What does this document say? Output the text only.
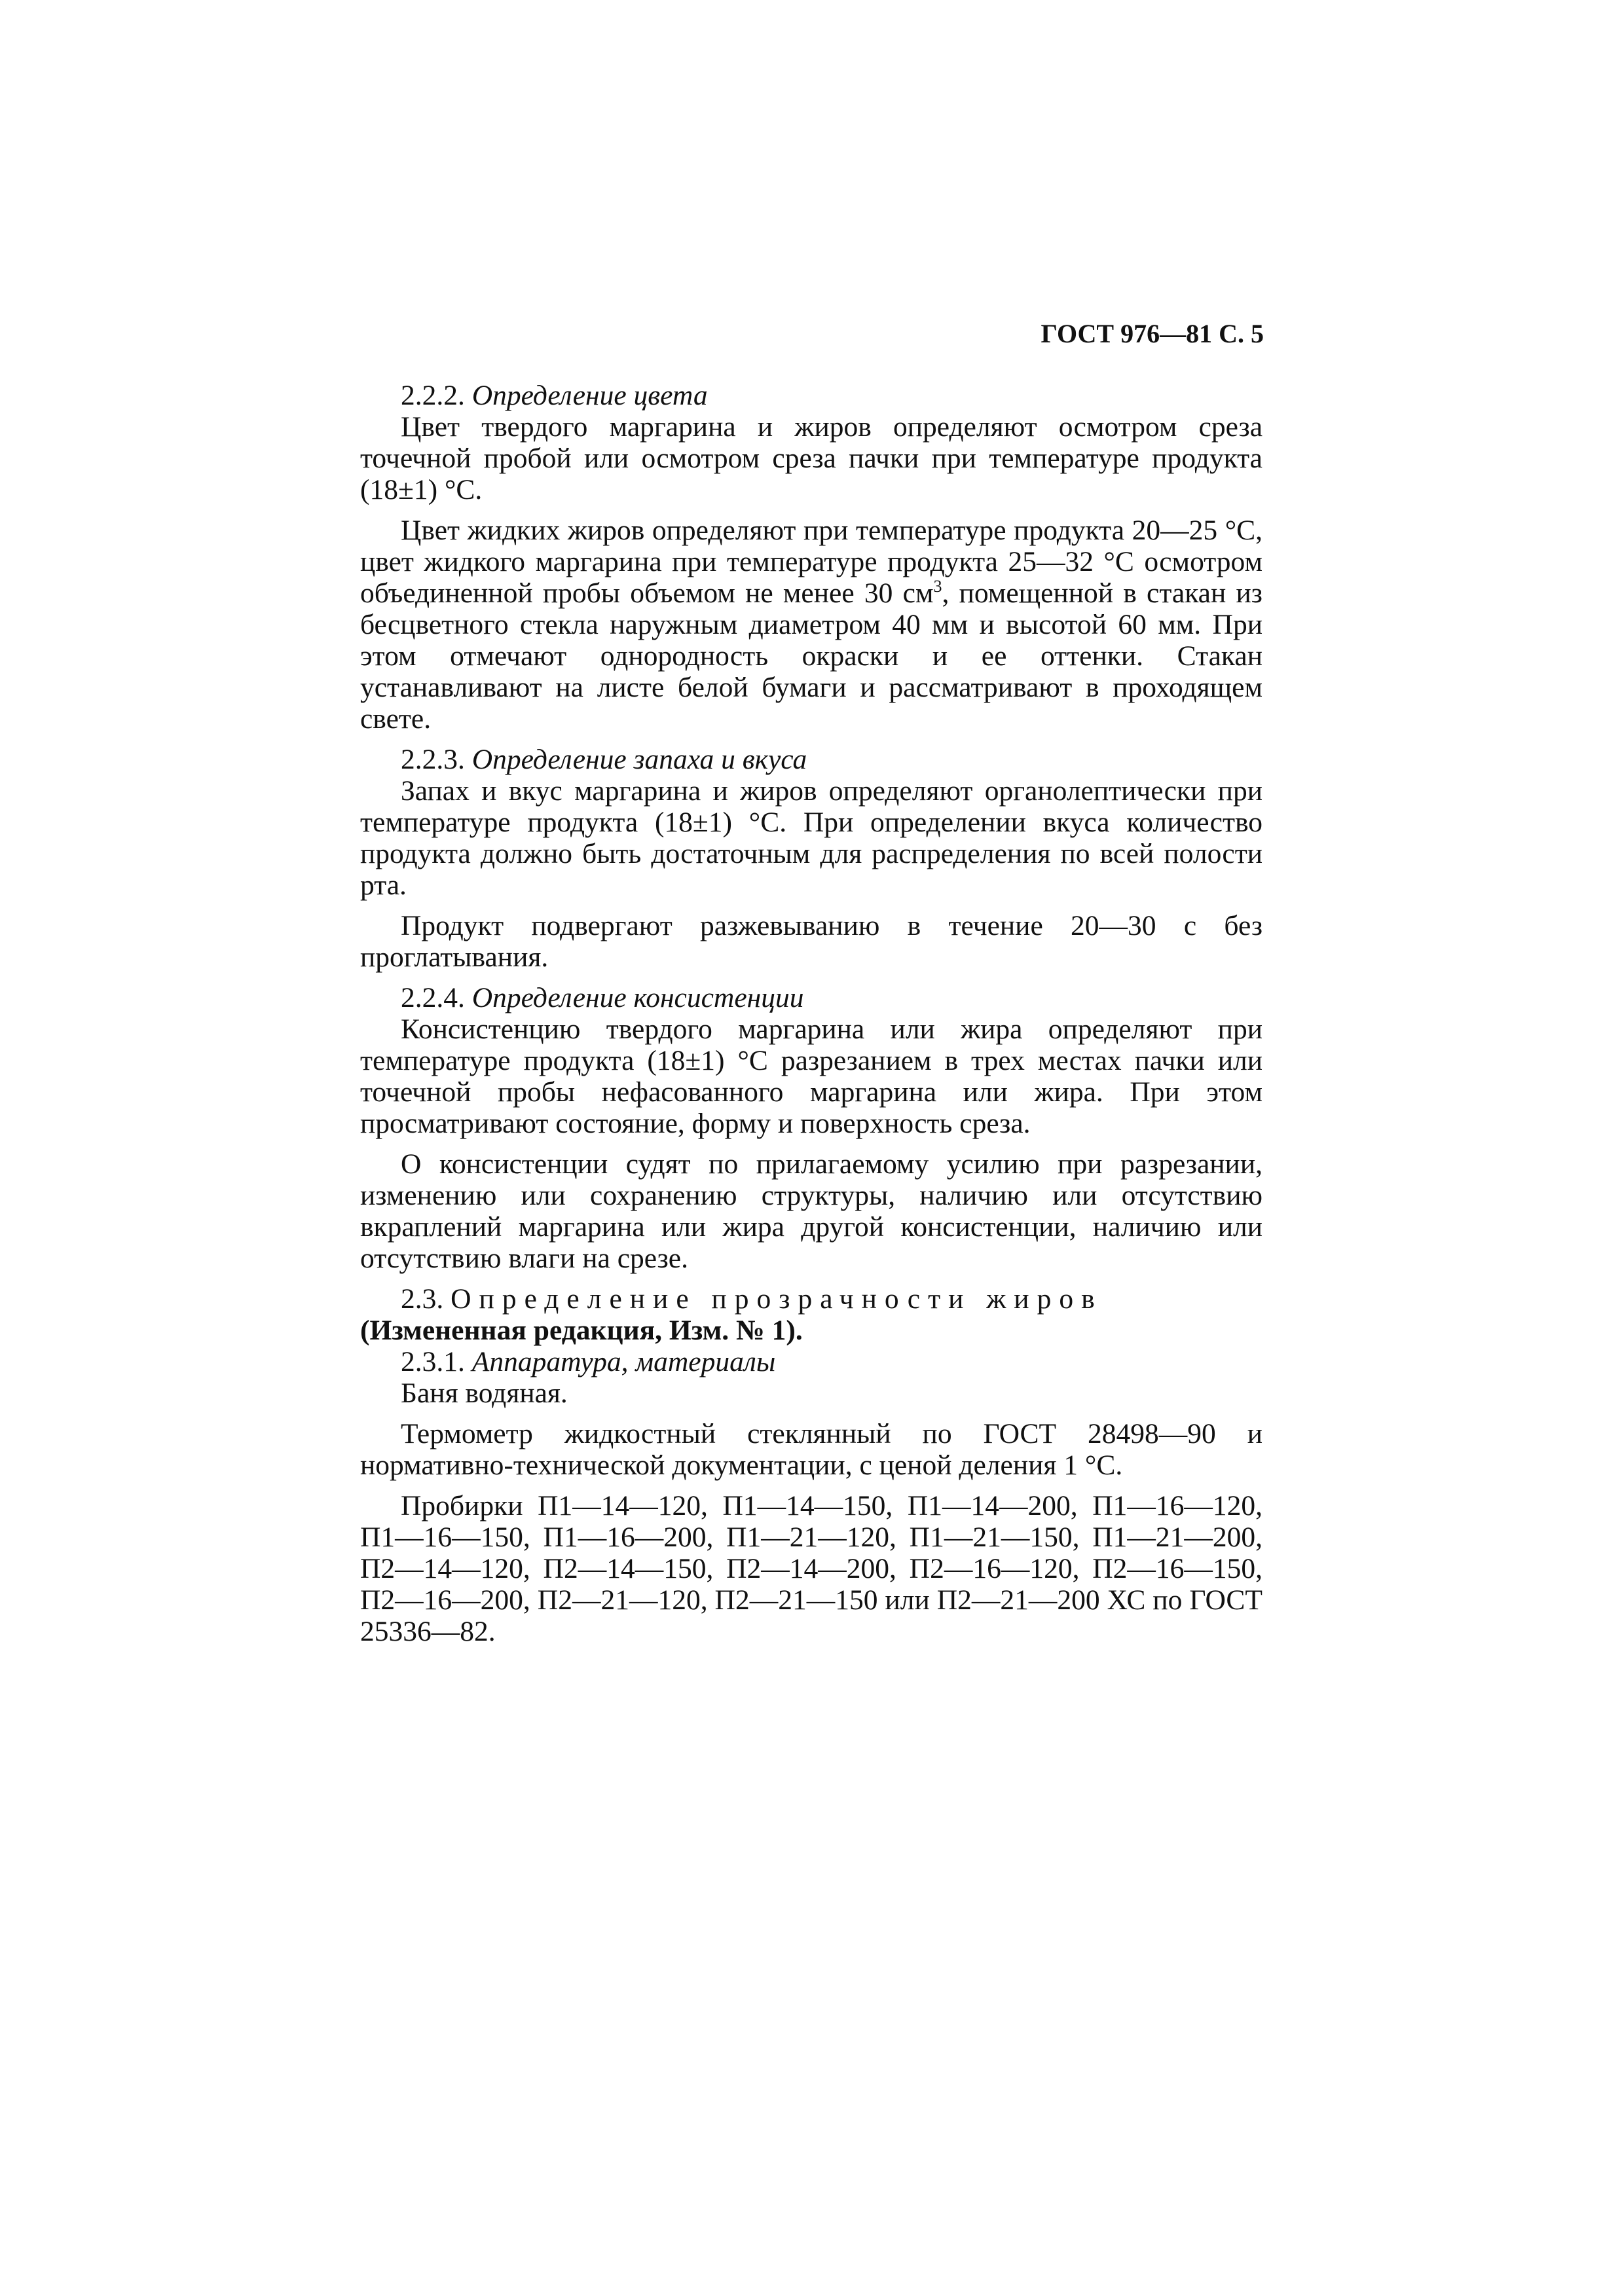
ГОСТ 976—81 С. 5

2.2.2. Определение цвета

Цвет твердого маргарина и жиров определяют осмотром среза точечной пробой или осмотром среза пачки при температуре продукта (18±1) °С.

Цвет жидких жиров определяют при температуре продукта 20—25 °С, цвет жидкого маргарина при температуре продукта 25—32 °С осмотром объединенной пробы объемом не менее 30 $см^3$, помещенной в стакан из бесцветного стекла наружным диаметром 40 мм и высотой 60 мм. При этом отмечают однородность окраски и ее оттенки. Стакан устанавливают на листе белой бумаги и рассматривают в проходящем свете.

2.2.3. Определение запаха и вкуса

Запах и вкус маргарина и жиров определяют органолептически при температуре продукта (18±1) °С. При определении вкуса количество продукта должно быть достаточным для распределения по всей полости рта.

Продукт подвергают разжевыванию в течение 20—30 с без проглатывания.

2.2.4. Определение консистенции

Консистенцию твердого маргарина или жира определяют при температуре продукта (18±1) °С разрезанием в трех местах пачки или точечной пробы нефасованного маргарина или жира. При этом просматривают состояние, форму и поверхность среза.

О консистенции судят по прилагаемому усилию при разрезании, изменению или сохранению структуры, наличию или отсутствию вкраплений маргарина или жира другой консистенции, наличию или отсутствию влаги на срезе.

2.3. Определение прозрачности жиров

(Измененная редакция, Изм. № 1).

2.3.1. Аппаратура, материалы

Баня водяная.

Термометр жидкостный стеклянный по ГОСТ 28498—90 и нормативно-технической документации, с ценой деления 1 °С.

Пробирки П1—14—120, П1—14—150, П1—14—200, П1—16—120, П1—16—150, П1—16—200, П1—21—120, П1—21—150, П1—21—200, П2—14—120, П2—14—150, П2—14—200, П2—16—120, П2—16—150, П2—16—200, П2—21—120, П2—21—150 или П2—21—200 ХС по ГОСТ 25336—82.
